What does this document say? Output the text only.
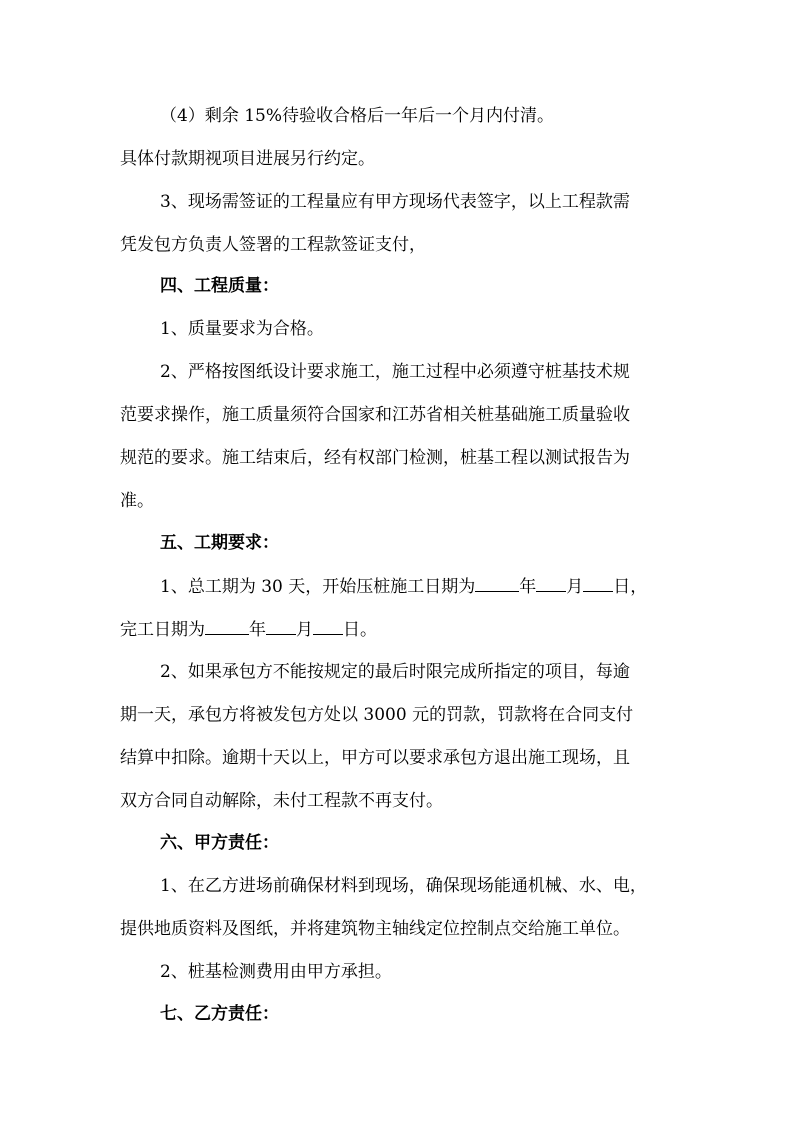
（4）剩余 15%待验收合格后一年后一个月内付清。
具体付款期视项目进展另行约定。
3、现场需签证的工程量应有甲方现场代表签字，以上工程款需
凭发包方负责人签署的工程款签证支付，
四、工程质量：
1、质量要求为合格。
2、严格按图纸设计要求施工，施工过程中必须遵守桩基技术规
范要求操作，施工质量须符合国家和江苏省相关桩基础施工质量验收
规范的要求。施工结束后，经有权部门检测，桩基工程以测试报告为
准。
五、工期要求：
1、总工期为 30 天，开始压桩施工日期为	年 月 日，
完工日期为	年 月 日。
2、如果承包方不能按规定的最后时限完成所指定的项目，每逾
期一天，承包方将被发包方处以 3000 元的罚款，罚款将在合同支付
结算中扣除。逾期十天以上，甲方可以要求承包方退出施工现场，且
双方合同自动解除，未付工程款不再支付。
六、甲方责任：
1、在乙方进场前确保材料到现场，确保现场能通机械、水、电，
提供地质资料及图纸，并将建筑物主轴线定位控制点交给施工单位。
2、桩基检测费用由甲方承担。
七、乙方责任：
